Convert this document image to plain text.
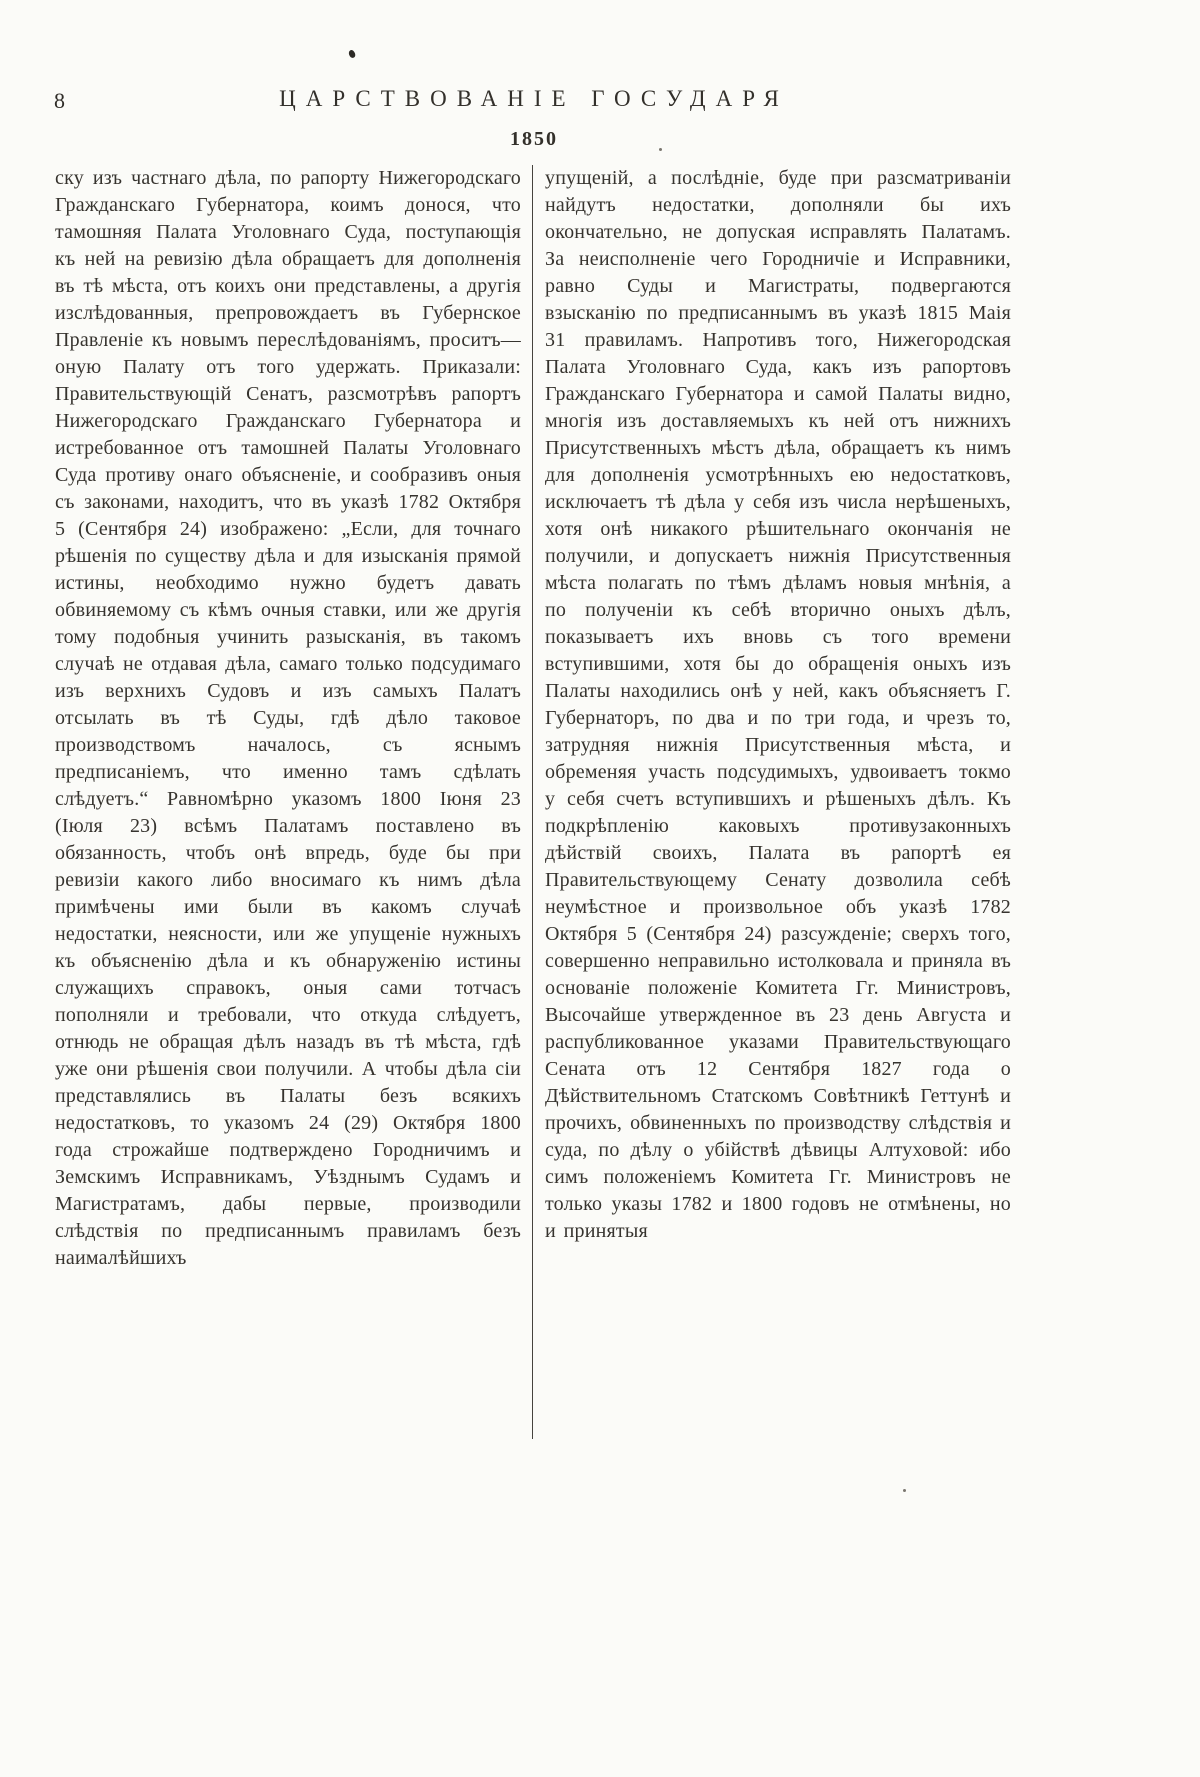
8	ЦАРСТВОВАНІЕ ГОСУДАРЯ
1850
ску изъ частнаго дѣла, по рапорту Нижегородскаго Гражданскаго Губернатора, коимъ донося, что тамошняя Палата Уголовнаго Суда, поступающія къ ней на ревизію дѣла обращаетъ для дополненія въ тѣ мѣста, отъ коихъ они представлены, а другія изслѣдованныя, препровождаетъ въ Губернское Правленіе къ новымъ переслѣдованіямъ, проситъ—оную Палату отъ того удержать. Приказали: Правительствующій Сенатъ, разсмотрѣвъ рапортъ Нижегородскаго Гражданскаго Губернатора и истребованное отъ тамошней Палаты Уголовнаго Суда противу онаго объясненіе, и сообразивъ оныя съ законами, находитъ, что въ указѣ 1782 Октября 5 (Сентября 24) изображено: „Если, для точнаго рѣшенія по существу дѣла и для изысканія прямой истины, необходимо нужно будетъ давать обвиняемому съ кѣмъ очныя ставки, или же другія тому подобныя учинить разысканія, въ такомъ случаѣ не отдавая дѣла, самаго только подсудимаго изъ верхнихъ Судовъ и изъ самыхъ Палатъ отсылать въ тѣ Суды, гдѣ дѣло таковое производствомъ началось, съ яснымъ предписаніемъ, что именно тамъ сдѣлать слѣдуетъ.“ Равномѣрно указомъ 1800 Іюня 23 (Іюля 23) всѣмъ Палатамъ поставлено въ обязанность, чтобъ онѣ впредь, буде бы при ревизіи какого либо вносимаго къ нимъ дѣла примѣчены ими были въ какомъ случаѣ недостатки, неясности, или же упущеніе нужныхъ къ объясненію дѣла и къ обнаруженію истины служащихъ справокъ, оныя сами тотчасъ пополняли и требовали, что откуда слѣдуетъ, отнюдь не обращая дѣлъ назадъ въ тѣ мѣста, гдѣ уже они рѣшенія свои получили. А чтобы дѣла сіи представлялись въ Палаты безъ всякихъ недостатковъ, то указомъ 24 (29) Октября 1800 года строжайше подтверждено Городничимъ и Земскимъ Исправникамъ, Уѣзднымъ Судамъ и Магистратамъ, дабы первые, производили слѣдствія по предписаннымъ правиламъ безъ наималѣйшихъ
упущеній, а послѣдніе, буде при разсматриваніи найдутъ недостатки, дополняли бы ихъ окончательно, не допуская исправлять Палатамъ. За неисполненіе чего Городничіе и Исправники, равно Суды и Магистраты, подвергаются взысканію по предписаннымъ въ указѣ 1815 Маія 31 правиламъ. Напротивъ того, Нижегородская Палата Уголовнаго Суда, какъ изъ рапортовъ Гражданскаго Губернатора и самой Палаты видно, многія изъ доставляемыхъ къ ней отъ нижнихъ Присутственныхъ мѣстъ дѣла, обращаетъ къ нимъ для дополненія усмотрѣнныхъ ею недостатковъ, исключаетъ тѣ дѣла у себя изъ числа нерѣшеныхъ, хотя онѣ никакого рѣшительнаго окончанія не получили, и допускаетъ нижнія Присутственныя мѣста полагать по тѣмъ дѣламъ новыя мнѣнія, а по полученіи къ себѣ вторично оныхъ дѣлъ, показываетъ ихъ вновь съ того времени вступившими, хотя бы до обращенія оныхъ изъ Палаты находились онѣ у ней, какъ объясняетъ Г. Губернаторъ, по два и по три года, и чрезъ то, затрудняя нижнія Присутственныя мѣста, и обременяя участь подсудимыхъ, удвоиваетъ токмо у себя счетъ вступившихъ и рѣшеныхъ дѣлъ. Къ подкрѣпленію каковыхъ противузаконныхъ дѣйствій своихъ, Палата въ рапортѣ ея Правительствующему Сенату дозволила себѣ неумѣстное и произвольное объ указѣ 1782 Октября 5 (Сентября 24) разсужденіе; сверхъ того, совершенно неправильно истолковала и приняла въ основаніе положеніе Комитета Гг. Министровъ, Высочайше утвержденное въ 23 день Августа и распубликованное указами Правительствующаго Сената отъ 12 Сентября 1827 года о Дѣйствительномъ Статскомъ Совѣтникѣ Геттунѣ и прочихъ, обвиненныхъ по производству слѣдствія и суда, по дѣлу о убійствѣ дѣвицы Алтуховой: ибо симъ положеніемъ Комитета Гг. Министровъ не только указы 1782 и 1800 годовъ не отмѣнены, но и принятыя
